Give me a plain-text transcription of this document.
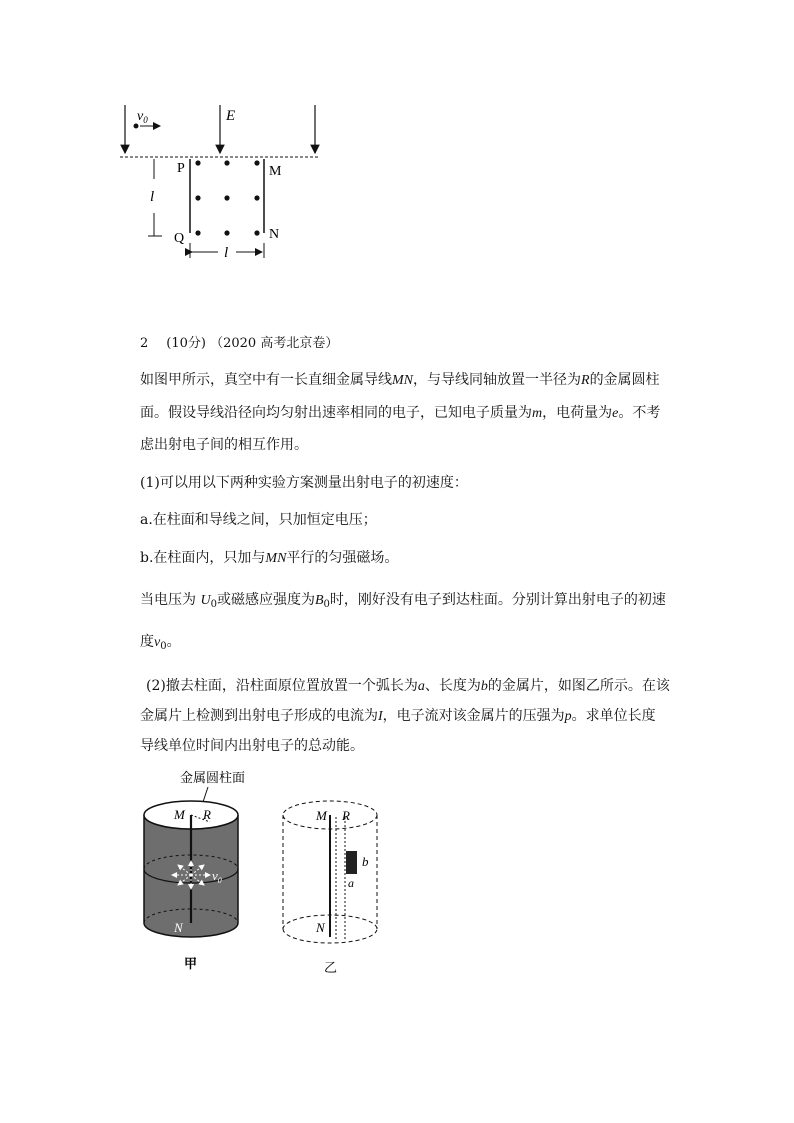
$v_0$	E
P	M
Q	N
l
l
2 (10分) （2020 高考北京卷）
如图甲所示，真空中有一长直细金属导线MN，与导线同轴放置一半径为R的金属圆柱
面。假设导线沿径向均匀射出速率相同的电子，已知电子质量为m，电荷量为e。不考
虑出射电子间的相互作用。
(1)可以用以下两种实验方案测量出射电子的初速度：
a.在柱面和导线之间，只加恒定电压；
b.在柱面内，只加与MN平行的匀强磁场。
当电压为 $U_0$或磁感应强度为$B_0$时，刚好没有电子到达柱面。分别计算出射电子的初速
度$v_0$。
(2)撤去柱面，沿柱面原位置放置一个弧长为a、长度为b的金属片，如图乙所示。在该
金属片上检测到出射电子形成的电流为I，电子流对该金属片的压强为p。求单位长度
导线单位时间内出射电子的总动能。
金属圆柱面
M R
$v_0$
N
甲
M R
b
a
N
乙
